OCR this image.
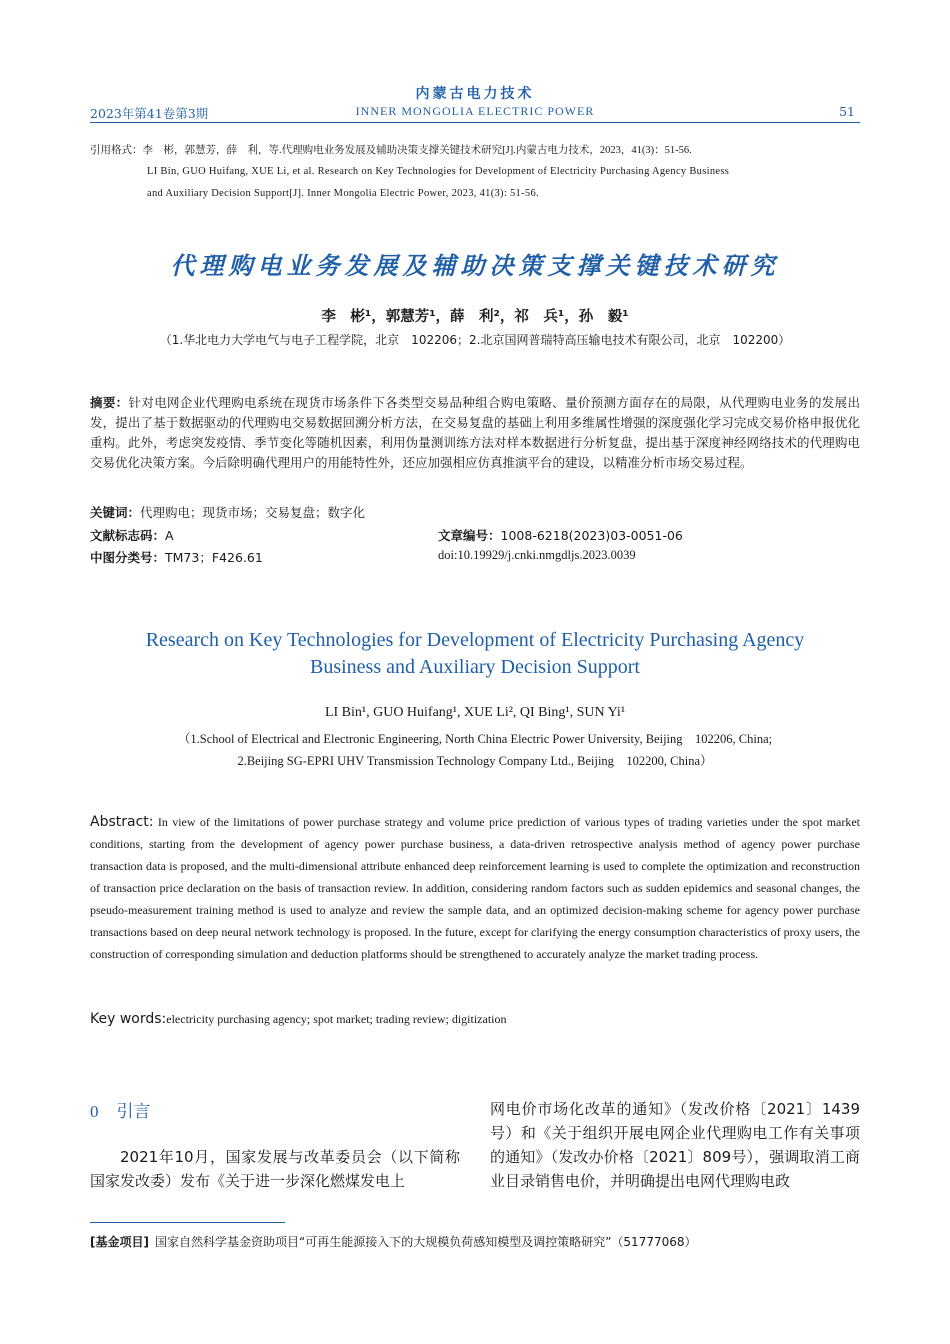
内蒙古电力技术
2023年第41卷第3期	INNER MONGOLIA ELECTRIC POWER	51
引用格式：李　彬，郭慧芳，薛　利，等.代理购电业务发展及辅助决策支撑关键技术研究[J].内蒙古电力技术，2023，41(3)：51-56.
LI Bin, GUO Huifang, XUE Li, et al. Research on Key Technologies for Development of Electricity Purchasing Agency Business
and Auxiliary Decision Support[J]. Inner Mongolia Electric Power, 2023, 41(3): 51-56.
代理购电业务发展及辅助决策支撑关键技术研究
李　彬¹，郭慧芳¹，薛　利²，祁　兵¹，孙　毅¹
（1.华北电力大学电气与电子工程学院，北京　102206；2.北京国网普瑞特高压输电技术有限公司，北京　102200）
摘要：针对电网企业代理购电系统在现货市场条件下各类型交易品种组合购电策略、量价预测方面存在的局限，从代理购电业务的发展出发，提出了基于数据驱动的代理购电交易数据回溯分析方法，在交易复盘的基础上利用多维属性增强的深度强化学习完成交易价格申报优化重构。此外，考虑突发疫情、季节变化等随机因素，利用伪量测训练方法对样本数据进行分析复盘，提出基于深度神经网络技术的代理购电交易优化决策方案。今后除明确代理用户的用能特性外，还应加强相应仿真推演平台的建设，以精准分析市场交易过程。
关键词：代理购电；现货市场；交易复盘；数字化
文献标志码：A	文章编号：1008-6218(2023)03-0051-06
中图分类号：TM73；F426.61	doi:10.19929/j.cnki.nmgdljs.2023.0039
Research on Key Technologies for Development of Electricity Purchasing Agency
Business and Auxiliary Decision Support
LI Bin¹, GUO Huifang¹, XUE Li², QI Bing¹, SUN Yi¹
（1.School of Electrical and Electronic Engineering, North China Electric Power University, Beijing　102206, China;
2.Beijing SG-EPRI UHV Transmission Technology Company Ltd., Beijing　102200, China）
Abstract: In view of the limitations of power purchase strategy and volume price prediction of various types of trading varieties under the spot market conditions, starting from the development of agency power purchase business, a data-driven retrospective analysis method of agency power purchase transaction data is proposed, and the multi-dimensional attribute enhanced deep reinforcement learning is used to complete the optimization and reconstruction of transaction price declaration on the basis of transaction review. In addition, considering random factors such as sudden epidemics and seasonal changes, the pseudo-measurement training method is used to analyze and review the sample data, and an optimized decision-making scheme for agency power purchase transactions based on deep neural network technology is proposed. In the future, except for clarifying the energy consumption characteristics of proxy users, the construction of corresponding simulation and deduction platforms should be strengthened to accurately analyze the market trading process.
Key words:electricity purchasing agency; spot market; trading review; digitization
0 引言
2021年10月，国家发展与改革委员会（以下简称国家发改委）发布《关于进一步深化燃煤发电上
网电价市场化改革的通知》（发改价格〔2021〕1439号）和《关于组织开展电网企业代理购电工作有关事项的通知》（发改办价格〔2021〕809号），强调取消工商业目录销售电价，并明确提出电网代理购电政
[基金项目] 国家自然科学基金资助项目“可再生能源接入下的大规模负荷感知模型及调控策略研究”（51777068）
